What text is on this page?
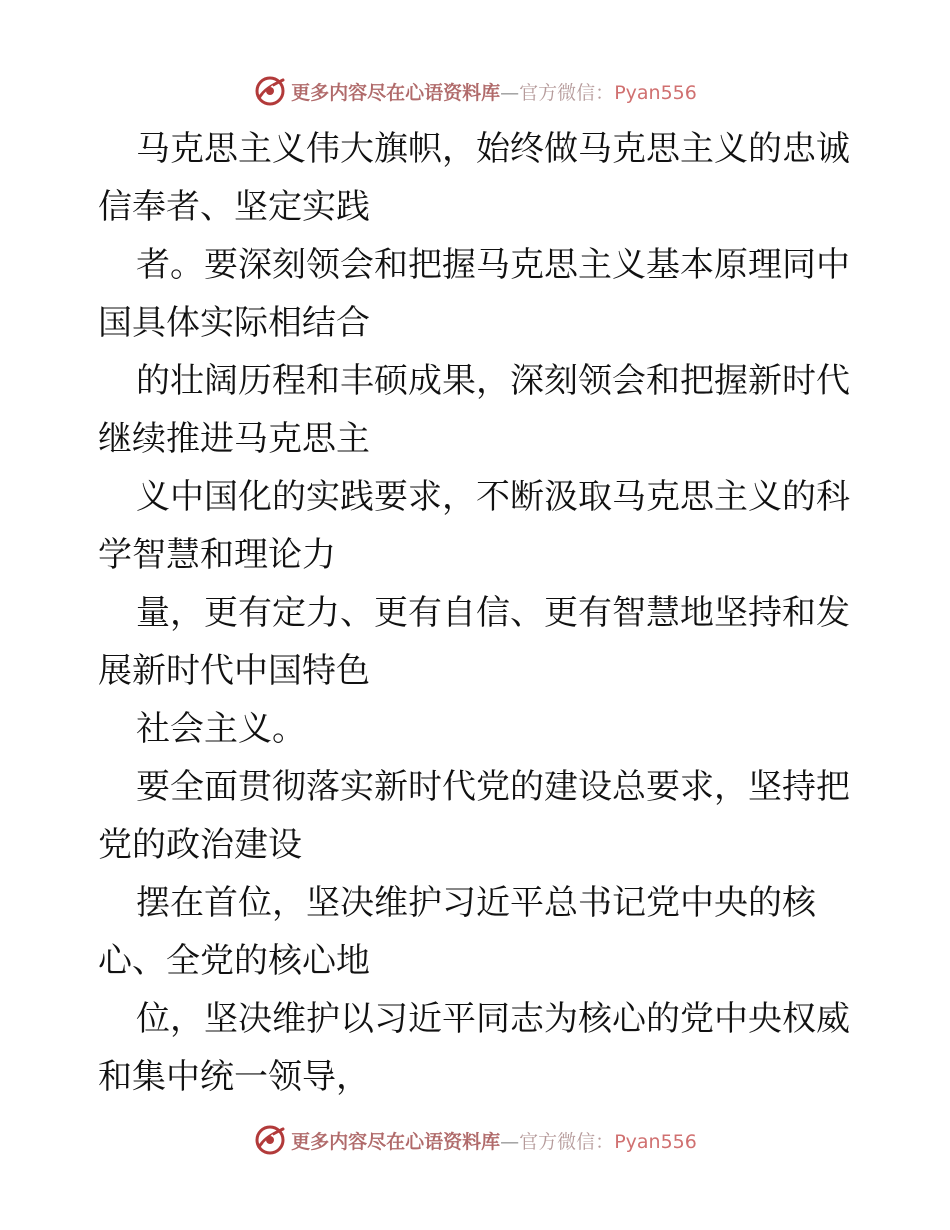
更多内容尽在心语资料库—官方微信：Pyan556
马克思主义伟大旗帜，始终做马克思主义的忠诚
信奉者、坚定实践
者。要深刻领会和把握马克思主义基本原理同中
国具体实际相结合
的壮阔历程和丰硕成果，深刻领会和把握新时代
继续推进马克思主
义中国化的实践要求，不断汲取马克思主义的科
学智慧和理论力
量，更有定力、更有自信、更有智慧地坚持和发
展新时代中国特色
社会主义。
要全面贯彻落实新时代党的建设总要求，坚持把
党的政治建设
摆在首位，坚决维护习近平总书记党中央的核
心、全党的核心地
位，坚决维护以习近平同志为核心的党中央权威
和集中统一领导，
更多内容尽在心语资料库—官方微信：Pyan556
